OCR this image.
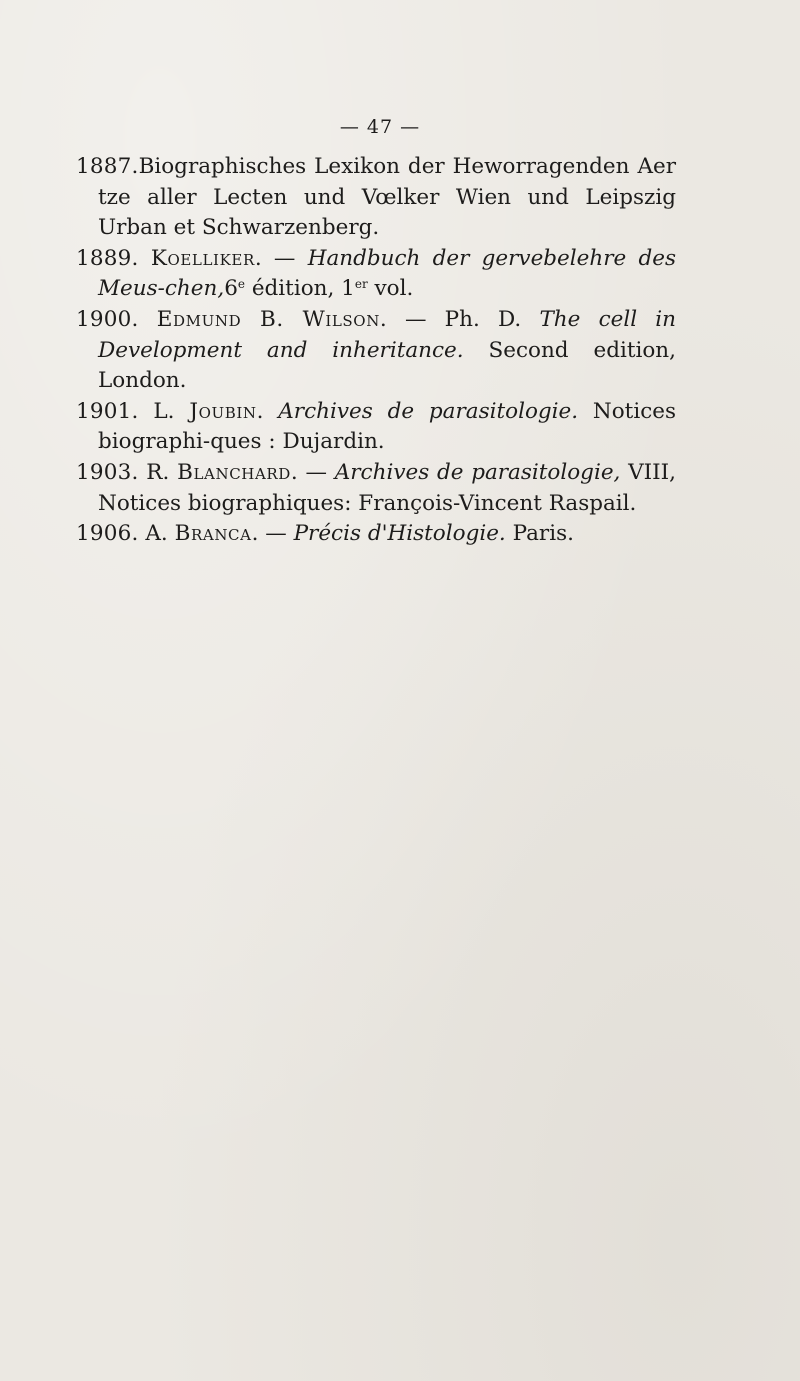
— 47 —

1887.Biographisches Lexikon der Heworragenden Aer tze aller Lecten und Vœlker Wien und Leipszig Urban et Schwarzenberg.

1889. Koelliker. — Handbuch der gervebelehre des Meus-chen,6e édition, 1er vol.

1900. Edmund B. Wilson. — Ph. D. The cell in Development and inheritance. Second edition, London.

1901. L. Joubin. Archives de parasitologie. Notices biographi-ques : Dujardin.

1903. R. Blanchard. — Archives de parasitologie, VIII, Notices biographiques: François-Vincent Raspail.

1906. A. Branca. — Précis d'Histologie. Paris.
